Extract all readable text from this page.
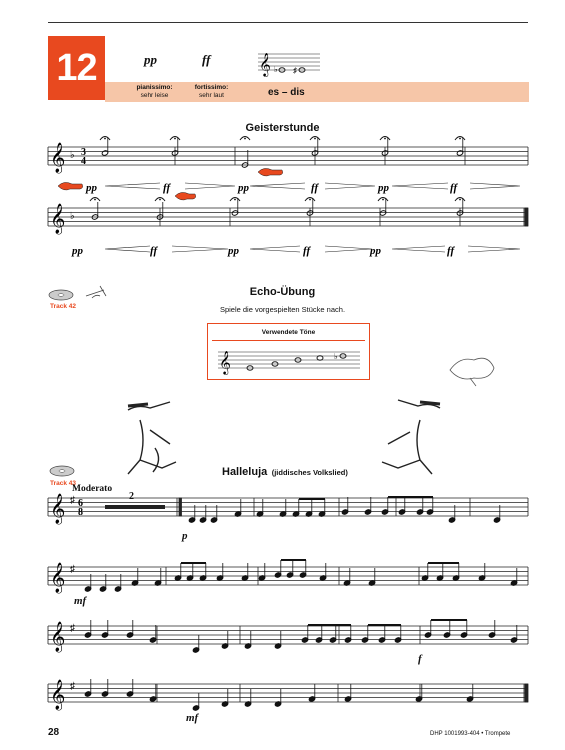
12	pp	ff
pianissimo:
sehr leise
fortissimo:
sehr laut	es – dis
Geisterstunde
Track 42
Echo-Übung
Spiele die vorgespielten Stücke nach.
Verwendete Töne
Track 43
Halleluja (jiddisches Volkslied)
Moderato
2
p
mf
f
mf
28	DHP 1001993-404 • Trompete
𝄞 ♭ ♯
𝄞	♭
𝄞 ♭
𝄞 ♭
𝄞 ♯
𝄞 ♯
𝄞 ♯
𝄞 ♯
3
4
6
8
pp	ff	pp	ff	pp	ff
pp	ff	pp	ff	pp	ff
